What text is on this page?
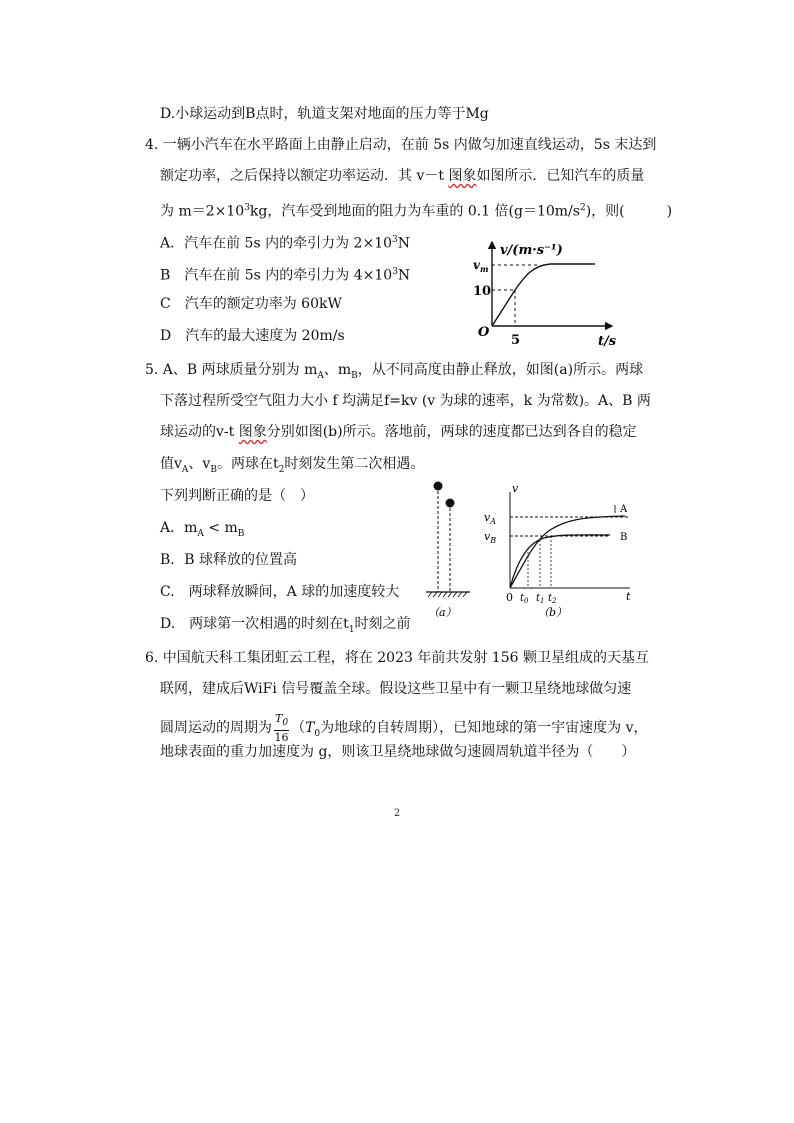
D.小球运动到B点时，轨道支架对地面的压力等于Mg
4. 一辆小汽车在水平路面上由静止启动，在前 5s 内做匀加速直线运动，5s 末达到
额定功率，之后保持以额定功率运动．其 v－t 图象如图所示．已知汽车的质量
为 $m=2\times 10^3kg$，汽车受到地面的阻力为车重的 0.1 倍$(g=10m/s^2)$，则(　　　)
A．汽车在前 5s 内的牵引力为 $2\times 10^3N$
B　汽车在前 5s 内的牵引力为 $4\times 10^3N$
C　汽车的额定功率为 60kW
D　汽车的最大速度为 20m/s
v/(m·s⁻¹)
t/s
$v_m$
10
5
O
5. A、B 两球质量分别为 $m_A$、$m_B$，从不同高度由静止释放，如图(a)所示。两球
下落过程所受空气阻力大小 f 均满足f=kv (v 为球的速率，k 为常数)。A、B 两
球运动的v-t 图象分别如图(b)所示。落地前，两球的速度都已达到各自的稳定
值$v_A$、$v_B$。两球在$t_2$时刻发生第二次相遇。
下列判断正确的是（　）
A．$m_A < m_B$
B．B 球释放的位置高
C.　两球释放瞬间，A 球的加速度较大
D.　两球第一次相遇的时刻在$t_1$时刻之前
（a）
v
t
A
B
$v_A$
$v_B$
0 $t_0$ $t_1$ $t_2$
（b）
6. 中国航天科工集团虹云工程，将在 2023 年前共发射 156 颗卫星组成的天基互
联网，建成后WiFi 信号覆盖全球。假设这些卫星中有一颗卫星绕地球做匀速
圆周运动的周期为 $\frac{T_0}{16} (T_0$为地球的自转周期），已知地球的第一宇宙速度为 v，
地球表面的重力加速度为 g，则该卫星绕地球做匀速圆周轨道半径为（　　）
2
